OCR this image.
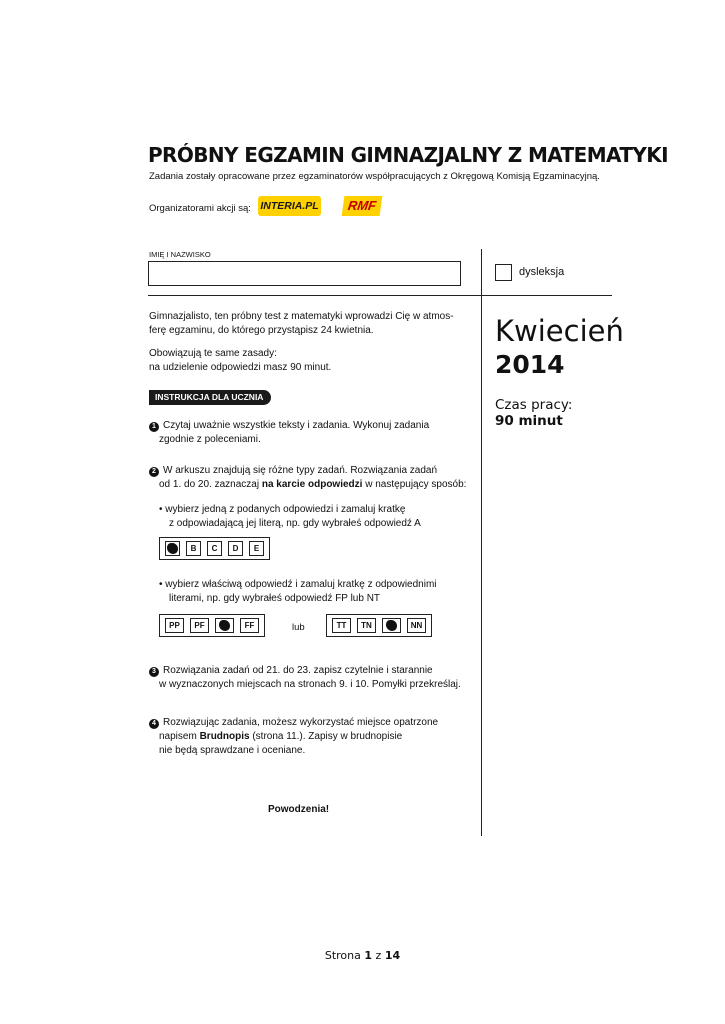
PRÓBNY EGZAMIN GIMNAZJALNY Z MATEMATYKI
Zadania zostały opracowane przez egzaminatorów współpracujących z Okręgową Komisją Egzaminacyjną.
Organizatorami akcji są: INTERIA.PL	RMF
IMIĘ I NAZWISKO
dysleksja
Kwiecień
2014
Czas pracy:
90 minut
Gimnazjalisto, ten próbny test z matematyki wprowadzi Cię w atmos-
ferę egzaminu, do którego przystąpisz 24 kwietnia.
Obowiązują te same zasady:
na udzielenie odpowiedzi masz 90 minut.
INSTRUKCJA DLA UCZNIA
1 Czytaj uważnie wszystkie teksty i zadania. Wykonuj zadania
zgodnie z poleceniami.
2 W arkuszu znajdują się różne typy zadań. Rozwiązania zadań
od 1. do 20. zaznaczaj na karcie odpowiedzi w następujący sposób:
• wybierz jedną z podanych odpowiedzi i zamaluj kratkę
z odpowiadającą jej literą, np. gdy wybrałeś odpowiedź A
B	C	D	E
• wybierz właściwą odpowiedź i zamaluj kratkę z odpowiednimi
literami, np. gdy wybrałeś odpowiedź FP lub NT
PP	PF	FF	lub	TT	TN	NN
3 Rozwiązania zadań od 21. do 23. zapisz czytelnie i starannie
w wyznaczonych miejscach na stronach 9. i 10. Pomyłki przekreślaj.
4 Rozwiązując zadania, możesz wykorzystać miejsce opatrzone
napisem Brudnopis (strona 11.). Zapisy w brudnopisie
nie będą sprawdzane i oceniane.
Powodzenia!
Strona 1 z 14
